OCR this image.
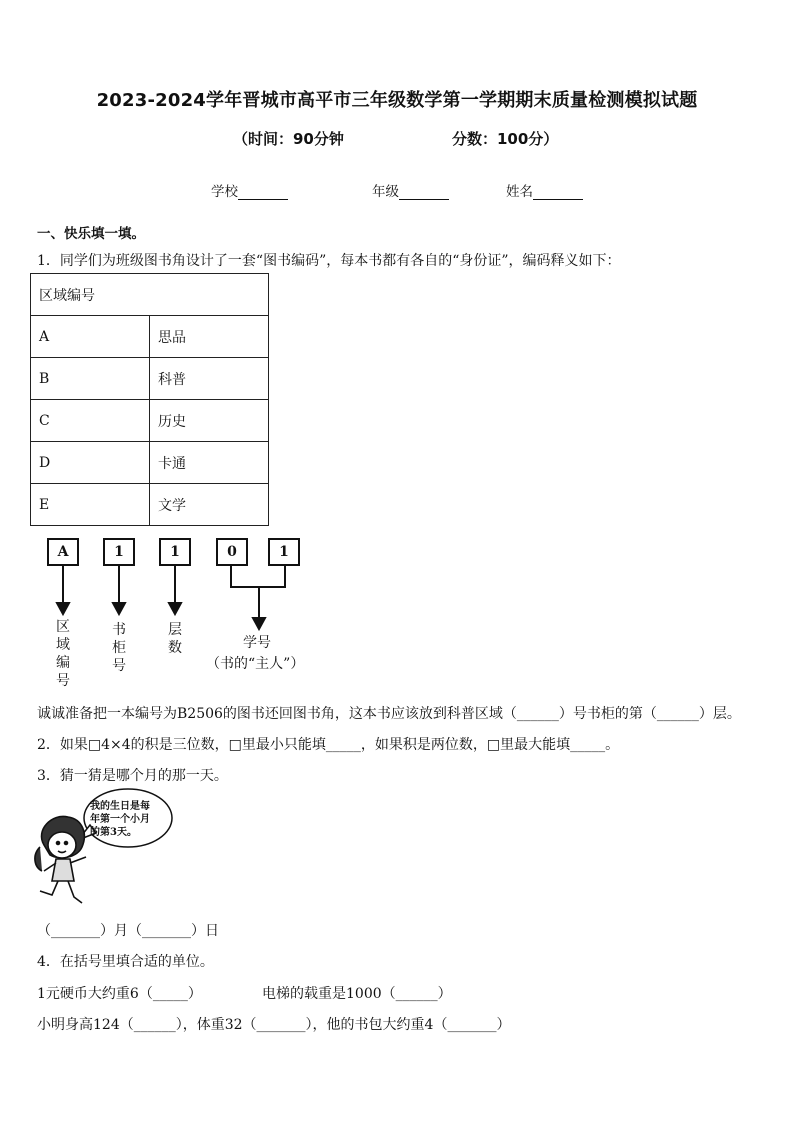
2023-2024学年晋城市高平市三年级数学第一学期期末质量检测模拟试题
（时间：90分钟	分数：100分）
学校	年级	姓名
一、快乐填一填。
1．同学们为班级图书角设计了一套“图书编码”，每本书都有各自的“身份证”，编码释义如下：
区域编号	
A	思品
B	科普
C	历史
D	卡通
E	文学
A	1	1	0	1
区
域
编
号
书
柜
号
层
数	学号
（书的“主人”）
诚诚准备把一本编号为B2506的图书还回图书角，这本书应该放到科普区域（______）号书柜的第（______）层。
2．如果□4×4的积是三位数，□里最小只能填_____，如果积是两位数，□里最大能填_____。
3．猜一猜是哪个月的那一天。
我的生日是每
年第一个小月
的第3天。
（_______）月（_______）日
4．在括号里填合适的单位。
1元硬币大约重6（_____）	电梯的载重是1000（______）
小明身高124（______），体重32（_______），他的书包大约重4（_______）
